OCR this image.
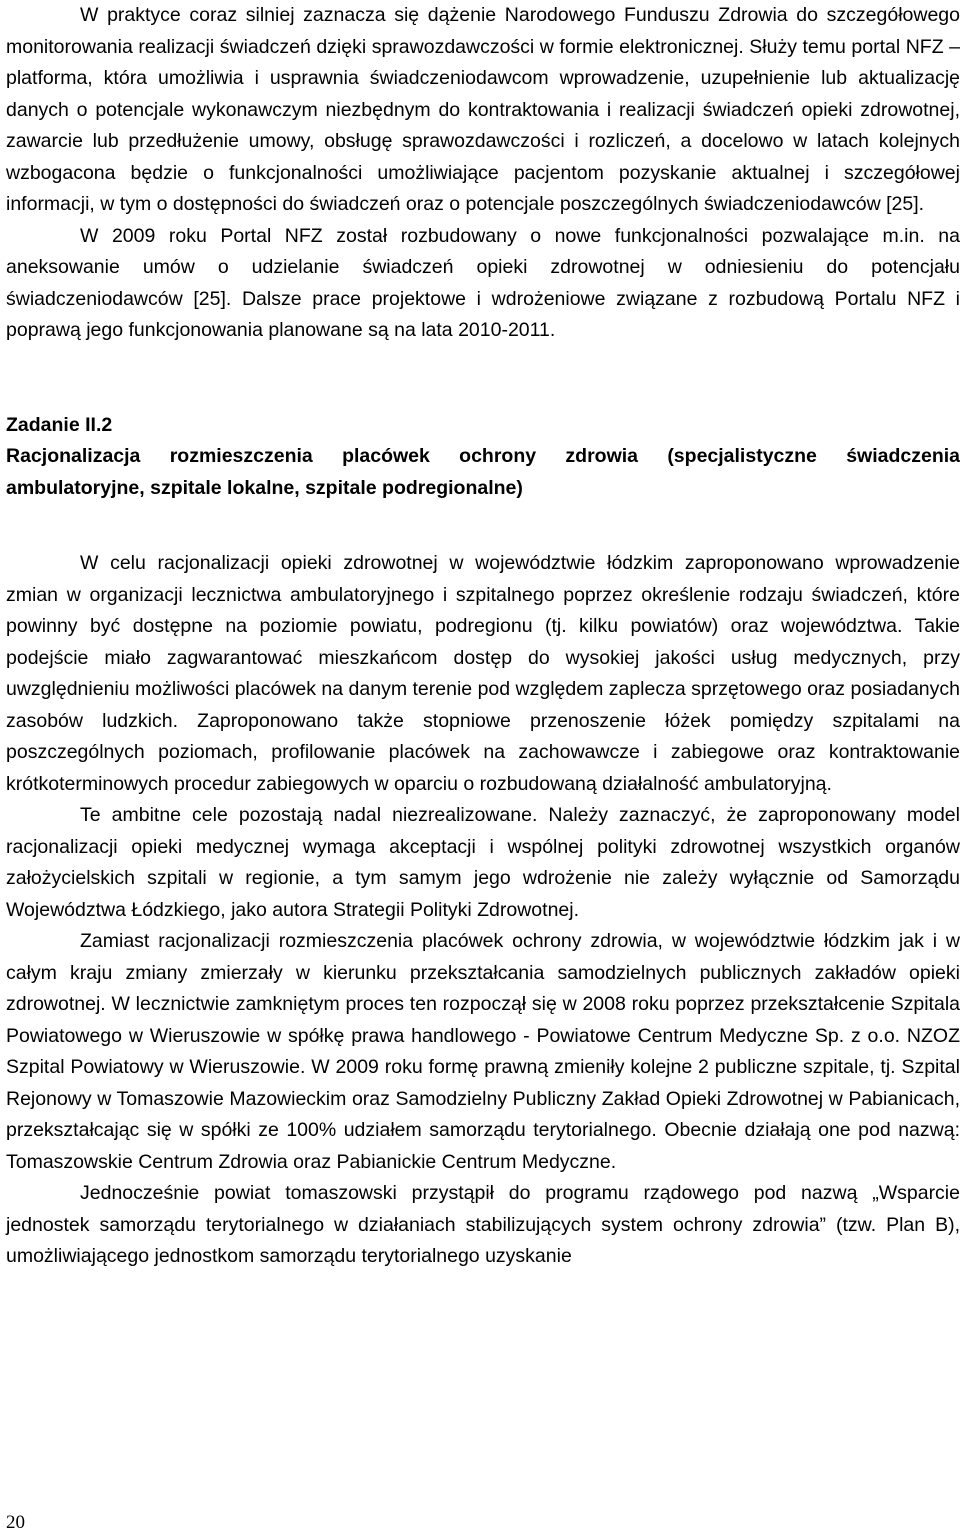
W praktyce coraz silniej zaznacza się dążenie Narodowego Funduszu Zdrowia do szczegółowego monitorowania realizacji świadczeń dzięki sprawozdawczości w formie elektronicznej. Służy temu portal NFZ – platforma, która umożliwia i usprawnia świadczeniodawcom wprowadzenie, uzupełnienie lub aktualizację danych o potencjale wykonawczym niezbędnym do kontraktowania i realizacji świadczeń opieki zdrowotnej, zawarcie lub przedłużenie umowy, obsługę sprawozdawczości i rozliczeń, a docelowo w latach kolejnych wzbogacona będzie o funkcjonalności umożliwiające pacjentom pozyskanie aktualnej i szczegółowej informacji, w tym o dostępności do świadczeń oraz o potencjale poszczególnych świadczeniodawców [25].

W 2009 roku Portal NFZ został rozbudowany o nowe funkcjonalności pozwalające m.in. na aneksowanie umów o udzielanie świadczeń opieki zdrowotnej w odniesieniu do potencjału świadczeniodawców [25]. Dalsze prace projektowe i wdrożeniowe związane z rozbudową Portalu NFZ i poprawą jego funkcjonowania planowane są na lata 2010-2011.

Zadanie II.2

Racjonalizacja rozmieszczenia placówek ochrony zdrowia (specjalistyczne świadczenia ambulatoryjne, szpitale lokalne, szpitale podregionalne)

W celu racjonalizacji opieki zdrowotnej w województwie łódzkim zaproponowano wprowadzenie zmian w organizacji lecznictwa ambulatoryjnego i szpitalnego poprzez określenie rodzaju świadczeń, które powinny być dostępne na poziomie powiatu, podregionu (tj. kilku powiatów) oraz województwa. Takie podejście miało zagwarantować mieszkańcom dostęp do wysokiej jakości usług medycznych, przy uwzględnieniu możliwości placówek na danym terenie pod względem zaplecza sprzętowego oraz posiadanych zasobów ludzkich. Zaproponowano także stopniowe przenoszenie łóżek pomiędzy szpitalami na poszczególnych poziomach, profilowanie placówek na zachowawcze i zabiegowe oraz kontraktowanie krótkoterminowych procedur zabiegowych w oparciu o rozbudowaną działalność ambulatoryjną.

Te ambitne cele pozostają nadal niezrealizowane. Należy zaznaczyć, że zaproponowany model racjonalizacji opieki medycznej wymaga akceptacji i wspólnej polityki zdrowotnej wszystkich organów założycielskich szpitali w regionie, a tym samym jego wdrożenie nie zależy wyłącznie od Samorządu Województwa Łódzkiego, jako autora Strategii Polityki Zdrowotnej.

Zamiast racjonalizacji rozmieszczenia placówek ochrony zdrowia, w województwie łódzkim jak i w całym kraju zmiany zmierzały w kierunku przekształcania samodzielnych publicznych zakładów opieki zdrowotnej. W lecznictwie zamkniętym proces ten rozpoczął się w 2008 roku poprzez przekształcenie Szpitala Powiatowego w Wieruszowie w spółkę prawa handlowego - Powiatowe Centrum Medyczne Sp. z o.o. NZOZ Szpital Powiatowy w Wieruszowie. W 2009 roku formę prawną zmieniły kolejne 2 publiczne szpitale, tj. Szpital Rejonowy w Tomaszowie Mazowieckim oraz Samodzielny Publiczny Zakład Opieki Zdrowotnej w Pabianicach, przekształcając się w spółki ze 100% udziałem samorządu terytorialnego. Obecnie działają one pod nazwą: Tomaszowskie Centrum Zdrowia oraz Pabianickie Centrum Medyczne.

Jednocześnie powiat tomaszowski przystąpił do programu rządowego pod nazwą „Wsparcie jednostek samorządu terytorialnego w działaniach stabilizujących system ochrony zdrowia” (tzw. Plan B), umożliwiającego jednostkom samorządu terytorialnego uzyskanie

20
